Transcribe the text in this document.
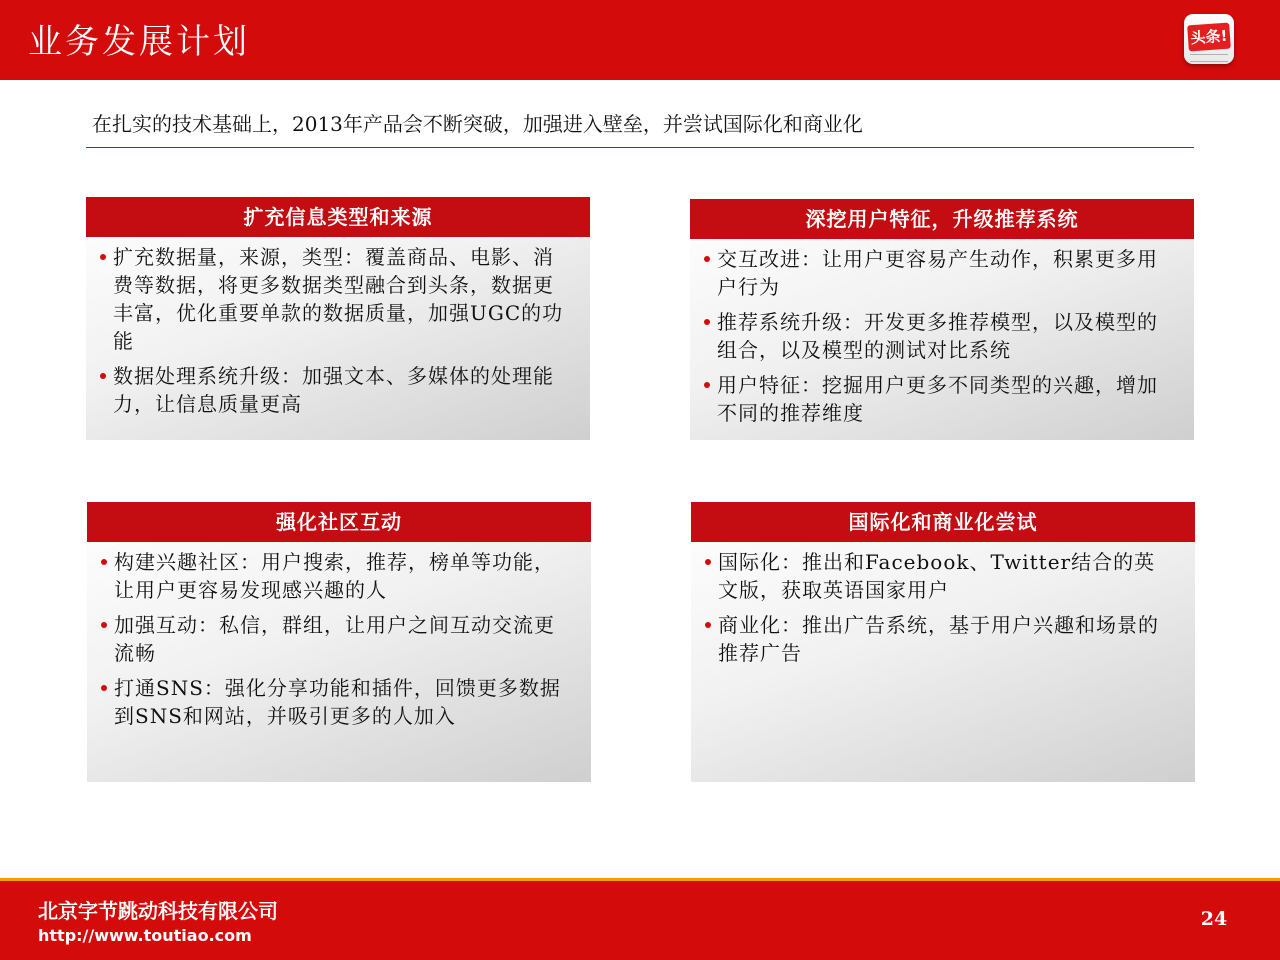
业务发展计划	头条!
在扎实的技术基础上，2013年产品会不断突破，加强进入壁垒，并尝试国际化和商业化
扩充信息类型和来源
扩充数据量，来源，类型：覆盖商品、电影、消费等数据，将更多数据类型融合到头条，数据更丰富，优化重要单款的数据质量，加强UGC的功能
数据处理系统升级：加强文本、多媒体的处理能力，让信息质量更高
深挖用户特征，升级推荐系统
交互改进：让用户更容易产生动作，积累更多用户行为
推荐系统升级：开发更多推荐模型，以及模型的组合，以及模型的测试对比系统
用户特征：挖掘用户更多不同类型的兴趣，增加不同的推荐维度
强化社区互动
构建兴趣社区：用户搜索，推荐，榜单等功能，让用户更容易发现感兴趣的人
加强互动：私信，群组，让用户之间互动交流更流畅
打通SNS：强化分享功能和插件，回馈更多数据到SNS和网站，并吸引更多的人加入
国际化和商业化尝试
国际化：推出和Facebook、Twitter结合的英文版，获取英语国家用户
商业化：推出广告系统，基于用户兴趣和场景的推荐广告
北京字节跳动科技有限公司
http://www.toutiao.com
24
